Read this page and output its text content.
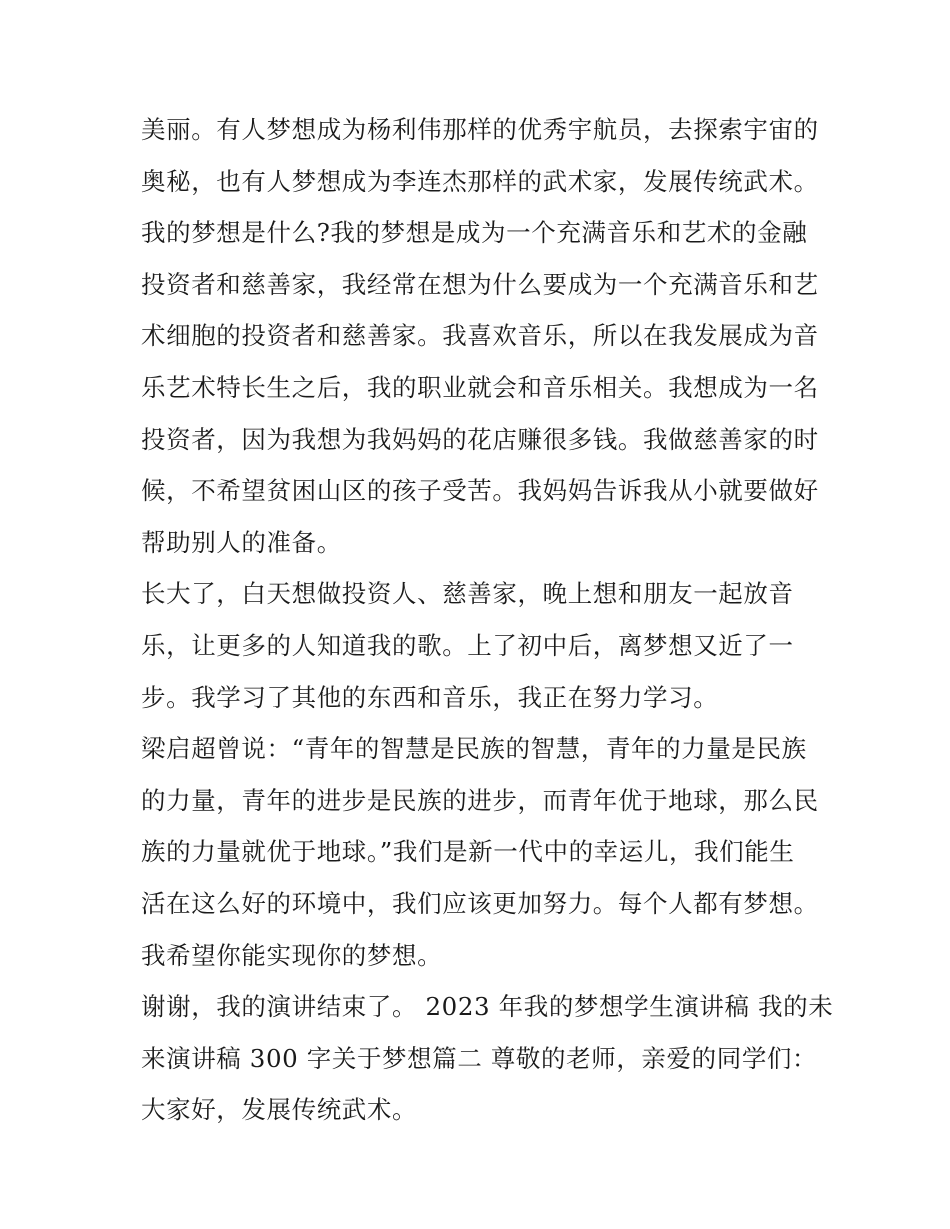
美丽。有人梦想成为杨利伟那样的优秀宇航员，去探索宇宙的
奥秘，也有人梦想成为李连杰那样的武术家，发展传统武术。
我的梦想是什么?我的梦想是成为一个充满音乐和艺术的金融
投资者和慈善家，我经常在想为什么要成为一个充满音乐和艺
术细胞的投资者和慈善家。我喜欢音乐，所以在我发展成为音
乐艺术特长生之后，我的职业就会和音乐相关。我想成为一名
投资者，因为我想为我妈妈的花店赚很多钱。我做慈善家的时
候，不希望贫困山区的孩子受苦。我妈妈告诉我从小就要做好
帮助别人的准备。
长大了，白天想做投资人、慈善家，晚上想和朋友一起放音
乐，让更多的人知道我的歌。上了初中后，离梦想又近了一
步。我学习了其他的东西和音乐，我正在努力学习。
梁启超曾说：“青年的智慧是民族的智慧，青年的力量是民族
的力量，青年的进步是民族的进步，而青年优于地球，那么民
族的力量就优于地球。”我们是新一代中的幸运儿，我们能生
活在这么好的环境中，我们应该更加努力。每个人都有梦想。
我希望你能实现你的梦想。
谢谢，我的演讲结束了。 2023 年我的梦想学生演讲稿 我的未
来演讲稿 300 字关于梦想篇二 尊敬的老师，亲爱的同学们：
大家好，发展传统武术。
